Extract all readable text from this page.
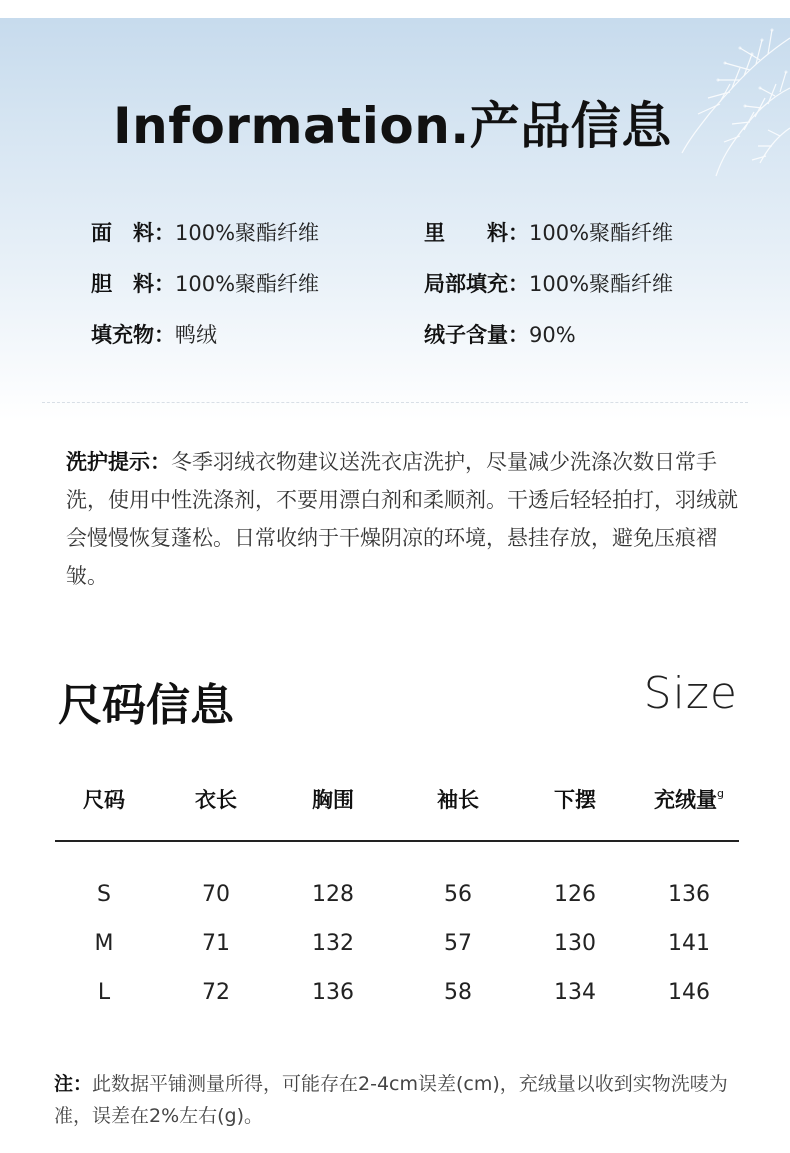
Information.产品信息
面　料：100%聚酯纤维	里　　料：100%聚酯纤维
胆　料：100%聚酯纤维	局部填充：100%聚酯纤维
填充物：鸭绒	绒子含量：90%
洗护提示：冬季羽绒衣物建议送洗衣店洗护，尽量减少洗涤次数日常手洗，使用中性洗涤剂，不要用漂白剂和柔顺剂。干透后轻轻拍打，羽绒就会慢慢恢复蓬松。日常收纳于干燥阴凉的环境，悬挂存放，避免压痕褶皱。
尺码信息	Size
尺码	衣长	胸围	袖长	下摆	充绒量$^g$
S	70	128	56	126	136
M	71	132	57	130	141
L	72	136	58	134	146
注：此数据平铺测量所得，可能存在2-4cm误差(cm)，充绒量以收到实物洗唛为准，误差在2%左右(g)。
